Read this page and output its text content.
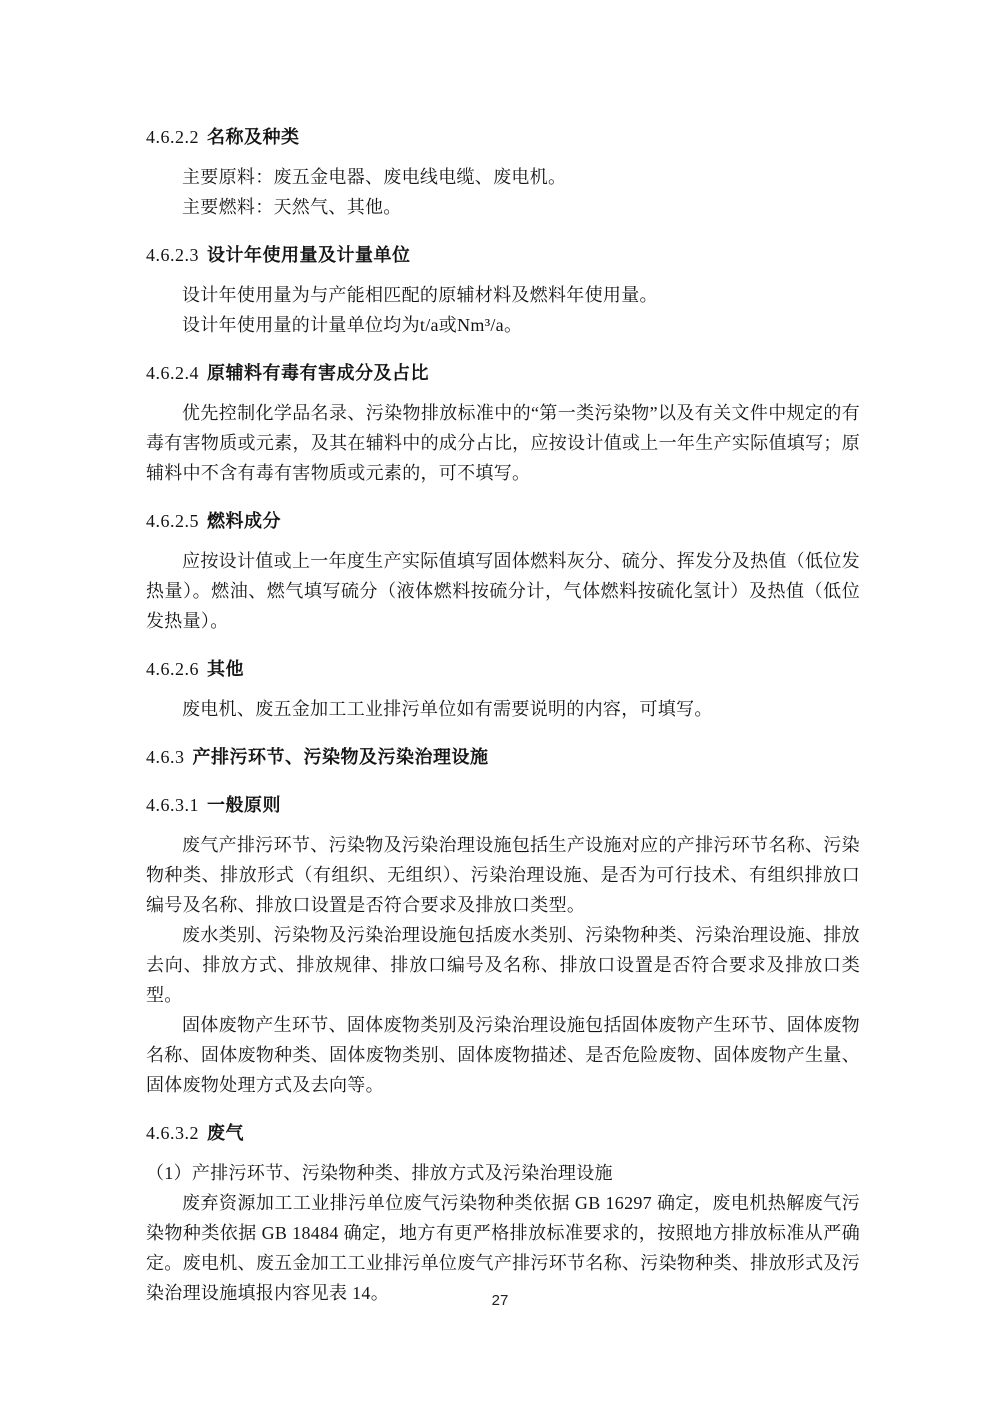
4.6.2.2 名称及种类

主要原料：废五金电器、废电线电缆、废电机。

主要燃料：天然气、其他。

4.6.2.3 设计年使用量及计量单位

设计年使用量为与产能相匹配的原辅材料及燃料年使用量。

设计年使用量的计量单位均为t/a或Nm³/a。

4.6.2.4 原辅料有毒有害成分及占比

优先控制化学品名录、污染物排放标准中的“第一类污染物”以及有关文件中规定的有毒有害物质或元素，及其在辅料中的成分占比，应按设计值或上一年生产实际值填写；原辅料中不含有毒有害物质或元素的，可不填写。

4.6.2.5 燃料成分

应按设计值或上一年度生产实际值填写固体燃料灰分、硫分、挥发分及热值（低位发热量）。燃油、燃气填写硫分（液体燃料按硫分计，气体燃料按硫化氢计）及热值（低位发热量）。

4.6.2.6 其他

废电机、废五金加工工业排污单位如有需要说明的内容，可填写。

4.6.3 产排污环节、污染物及污染治理设施
4.6.3.1 一般原则

废气产排污环节、污染物及污染治理设施包括生产设施对应的产排污环节名称、污染物种类、排放形式（有组织、无组织）、污染治理设施、是否为可行技术、有组织排放口编号及名称、排放口设置是否符合要求及排放口类型。

废水类别、污染物及污染治理设施包括废水类别、污染物种类、污染治理设施、排放去向、排放方式、排放规律、排放口编号及名称、排放口设置是否符合要求及排放口类型。

固体废物产生环节、固体废物类别及污染治理设施包括固体废物产生环节、固体废物名称、固体废物种类、固体废物类别、固体废物描述、是否危险废物、固体废物产生量、固体废物处理方式及去向等。

4.6.3.2 废气

（1）产排污环节、污染物种类、排放方式及污染治理设施

废弃资源加工工业排污单位废气污染物种类依据 GB 16297 确定，废电机热解废气污染物种类依据 GB 18484 确定，地方有更严格排放标准要求的，按照地方排放标准从严确定。废电机、废五金加工工业排污单位废气产排污环节名称、污染物种类、排放形式及污染治理设施填报内容见表 14。	27
